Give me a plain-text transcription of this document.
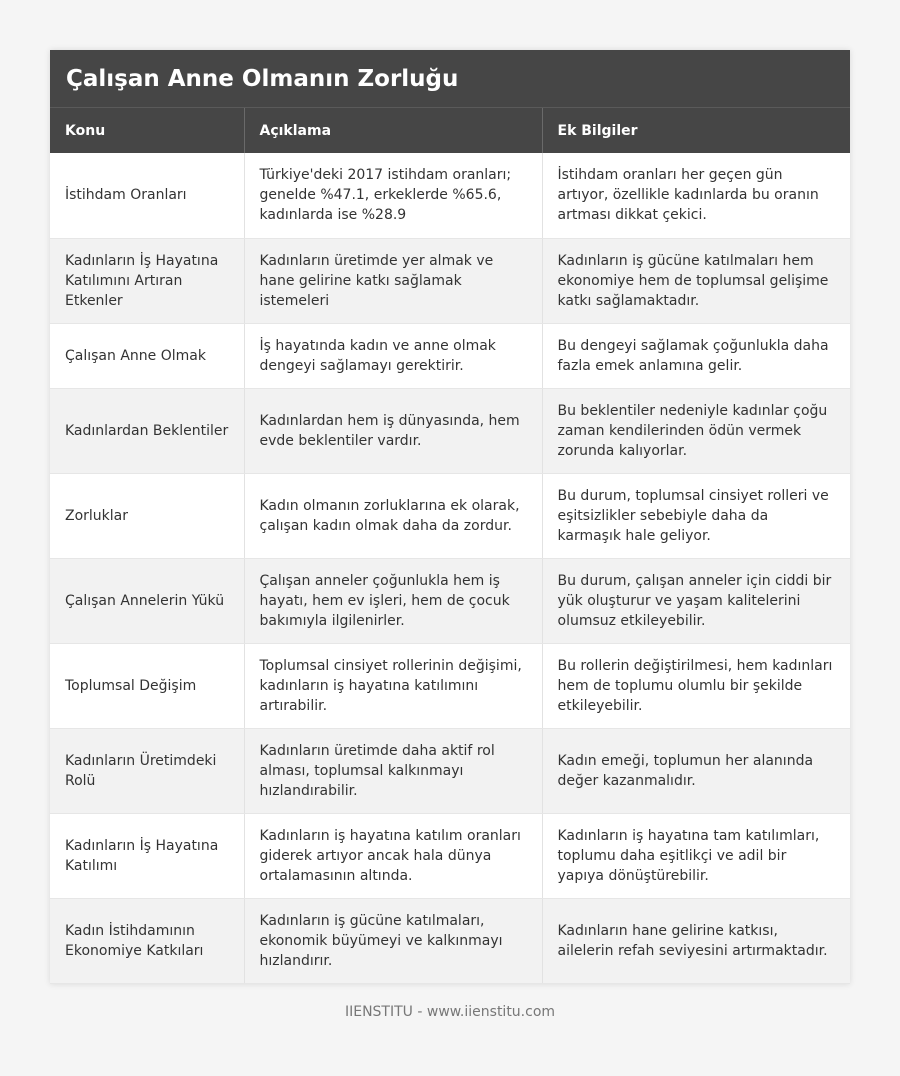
Çalışan Anne Olmanın Zorluğu
Konu	Açıklama	Ek Bilgiler
İstihdam Oranları	Türkiye'deki 2017 istihdam oranları; genelde %47.1, erkeklerde %65.6, kadınlarda ise %28.9	İstihdam oranları her geçen gün artıyor, özellikle kadınlarda bu oranın artması dikkat çekici.
Kadınların İş Hayatına Katılımını Artıran Etkenler	Kadınların üretimde yer almak ve hane gelirine katkı sağlamak istemeleri	Kadınların iş gücüne katılmaları hem ekonomiye hem de toplumsal gelişime katkı sağlamaktadır.
Çalışan Anne Olmak	İş hayatında kadın ve anne olmak dengeyi sağlamayı gerektirir.	Bu dengeyi sağlamak çoğunlukla daha fazla emek anlamına gelir.
Kadınlardan Beklentiler	Kadınlardan hem iş dünyasında, hem evde beklentiler vardır.	Bu beklentiler nedeniyle kadınlar çoğu zaman kendilerinden ödün vermek zorunda kalıyorlar.
Zorluklar	Kadın olmanın zorluklarına ek olarak, çalışan kadın olmak daha da zordur.	Bu durum, toplumsal cinsiyet rolleri ve eşitsizlikler sebebiyle daha da karmaşık hale geliyor.
Çalışan Annelerin Yükü	Çalışan anneler çoğunlukla hem iş hayatı, hem ev işleri, hem de çocuk bakımıyla ilgilenirler.	Bu durum, çalışan anneler için ciddi bir yük oluşturur ve yaşam kalitelerini olumsuz etkileyebilir.
Toplumsal Değişim	Toplumsal cinsiyet rollerinin değişimi, kadınların iş hayatına katılımını artırabilir.	Bu rollerin değiştirilmesi, hem kadınları hem de toplumu olumlu bir şekilde etkileyebilir.
Kadınların Üretimdeki Rolü	Kadınların üretimde daha aktif rol alması, toplumsal kalkınmayı hızlandırabilir.	Kadın emeği, toplumun her alanında değer kazanmalıdır.
Kadınların İş Hayatına Katılımı	Kadınların iş hayatına katılım oranları giderek artıyor ancak hala dünya ortalamasının altında.	Kadınların iş hayatına tam katılımları, toplumu daha eşitlikçi ve adil bir yapıya dönüştürebilir.
Kadın İstihdamının Ekonomiye Katkıları	Kadınların iş gücüne katılmaları, ekonomik büyümeyi ve kalkınmayı hızlandırır.	Kadınların hane gelirine katkısı, ailelerin refah seviyesini artırmaktadır.
IIENSTITU - www.iienstitu.com
